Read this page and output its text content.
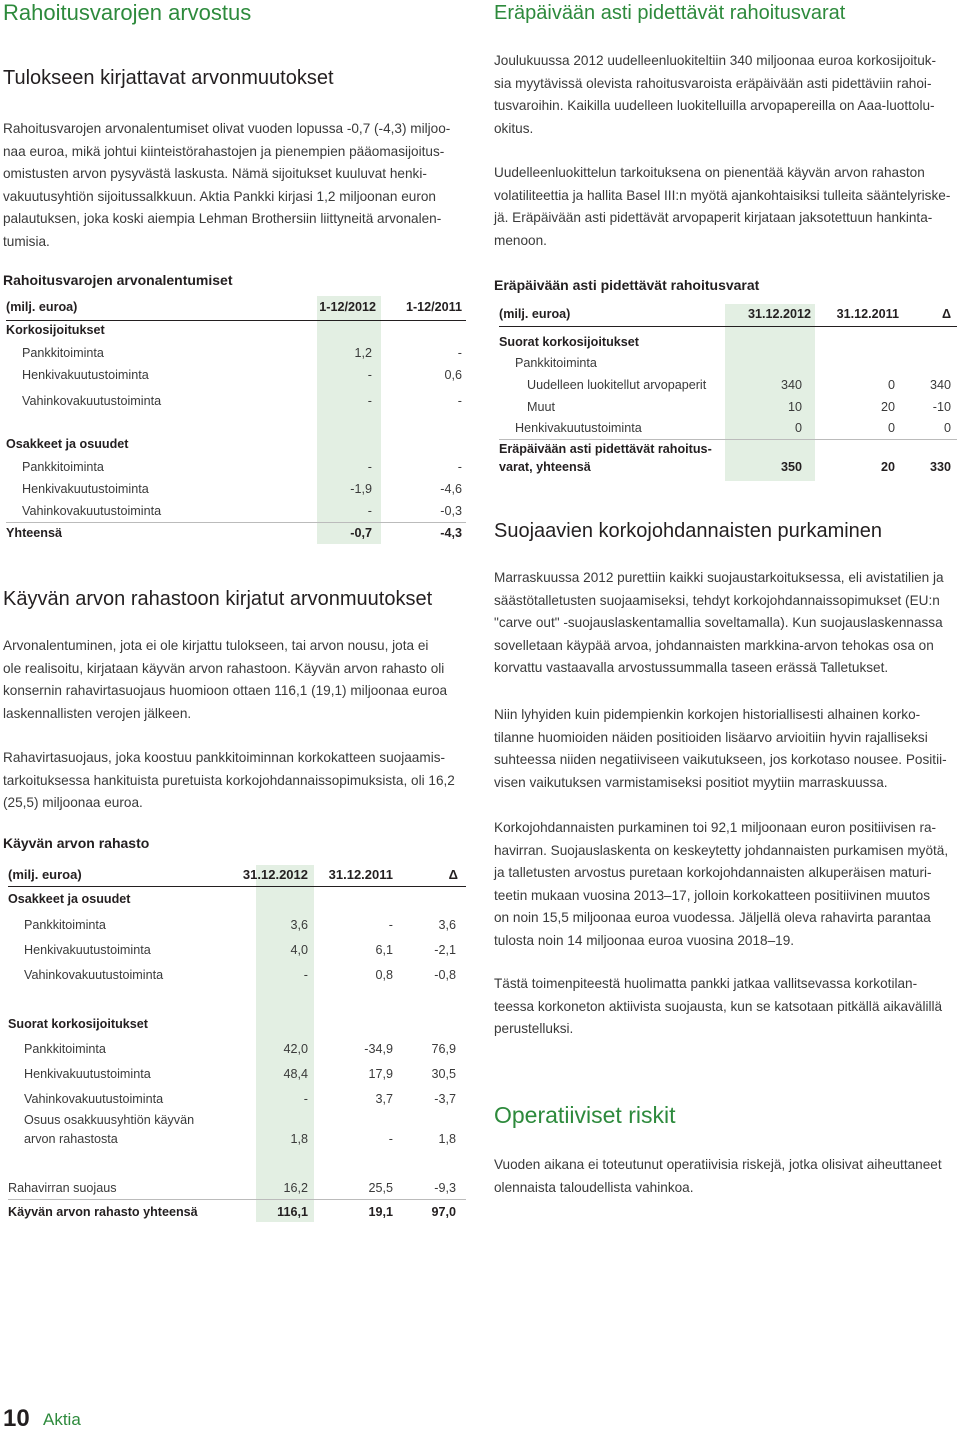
Rahoitusvarojen arvostus
Tulokseen kirjattavat arvonmuutokset
Rahoitusvarojen arvonalentumiset olivat vuoden lopussa -0,7 (-4,3) miljoo-
naa euroa, mikä johtui kiinteistörahastojen ja pienempien pääomasijoitus-
omistusten arvon pysyvästä laskusta. Nämä sijoitukset kuuluvat henki-
vakuutusyhtiön sijoitussalkkuun. Aktia Pankki kirjasi 1,2 miljoonan euron
palautuksen, joka koski aiempia Lehman Brothersiin liittyneitä arvonalen-
tumisia.
Rahoitusvarojen arvonalentumiset
(milj. euroa)	1-12/2012	1-12/2011
Korkosijoitukset
Pankkitoiminta	1,2	-
Henkivakuutustoiminta	-	0,6
Vahinkovakuutustoiminta	-	-
Osakkeet ja osuudet
Pankkitoiminta	-	-
Henkivakuutustoiminta	-1,9	-4,6
Vahinkovakuutustoiminta	-	-0,3
Yhteensä	-0,7	-4,3
Käyvän arvon rahastoon kirjatut arvonmuutokset
Arvonalentuminen, jota ei ole kirjattu tulokseen, tai arvon nousu, jota ei
ole realisoitu, kirjataan käyvän arvon rahastoon. Käyvän arvon rahasto oli
konsernin rahavirtasuojaus huomioon ottaen 116,1 (19,1) miljoonaa euroa
laskennallisten verojen jälkeen.
Rahavirtasuojaus, joka koostuu pankkitoiminnan korkokatteen suojaamis-
tarkoituksessa hankituista puretuista korkojohdannaissopimuksista, oli 16,2
(25,5) miljoonaa euroa.
Käyvän arvon rahasto
(milj. euroa)	31.12.2012	31.12.2011	Δ
Osakkeet ja osuudet
Pankkitoiminta	3,6	-	3,6
Henkivakuutustoiminta	4,0	6,1	-2,1
Vahinkovakuutustoiminta	-	0,8	-0,8
Suorat korkosijoitukset
Pankkitoiminta	42,0	-34,9	76,9
Henkivakuutustoiminta	48,4	17,9	30,5
Vahinkovakuutustoiminta	-	3,7	-3,7
Osuus osakkuusyhtiön käyvän
arvon rahastosta	1,8	-	1,8
Rahavirran suojaus	16,2	25,5	-9,3
Käyvän arvon rahasto yhteensä	116,1	19,1	97,0
Eräpäivään asti pidettävät rahoitusvarat
Joulukuussa 2012 uudelleenluokiteltiin 340 miljoonaa euroa korkosijoituk-
sia myytävissä olevista rahoitusvaroista eräpäivään asti pidettäviin rahoi-
tusvaroihin. Kaikilla uudelleen luokitelluilla arvopapereilla on Aaa-luottolu-
okitus.
Uudelleenluokittelun tarkoituksena on pienentää käyvän arvon rahaston
volatiliteettia ja hallita Basel III:n myötä ajankohtaisiksi tulleita sääntelyriske-
jä. Eräpäivään asti pidettävät arvopaperit kirjataan jaksotettuun hankinta-
menoon.
Eräpäivään asti pidettävät rahoitusvarat
(milj. euroa)	31.12.2012	31.12.2011	Δ
Suorat korkosijoitukset
Pankkitoiminta
Uudelleen luokitellut arvopaperit	340	0	340
Muut	10	20	-10
Henkivakuutustoiminta	0	0	0
Eräpäivään asti pidettävät rahoitus-
varat, yhteensä	350	20	330
Suojaavien korkojohdannaisten purkaminen
Marraskuussa 2012 purettiin kaikki suojaustarkoituksessa, eli avistatilien ja
säästötalletusten suojaamiseksi, tehdyt korkojohdannaissopimukset (EU:n
"carve out" -suojauslaskentamallia soveltamalla). Kun suojauslaskennassa
sovelletaan käypää arvoa, johdannaisten markkina-arvon tehokas osa on
korvattu vastaavalla arvostussummalla taseen erässä Talletukset.
Niin lyhyiden kuin pidempienkin korkojen historiallisesti alhainen korko-
tilanne huomioiden näiden positioiden lisäarvo arvioitiin hyvin rajalliseksi
suhteessa niiden negatiiviseen vaikutukseen, jos korkotaso nousee. Positii-
visen vaikutuksen varmistamiseksi positiot myytiin marraskuussa.
Korkojohdannaisten purkaminen toi 92,1 miljoonaan euron positiivisen ra-
havirran. Suojauslaskenta on keskeytetty johdannaisten purkamisen myötä,
ja talletusten arvostus puretaan korkojohdannaisten alkuperäisen maturi-
teetin mukaan vuosina 2013–17, jolloin korkokatteen positiivinen muutos
on noin 15,5 miljoonaa euroa vuodessa. Jäljellä oleva rahavirta parantaa
tulosta noin 14 miljoonaa euroa vuosina 2018–19.
Tästä toimenpiteestä huolimatta pankki jatkaa vallitsevassa korkotilan-
teessa korkoneton aktiivista suojausta, kun se katsotaan pitkällä aikavälillä
perustelluksi.
Operatiiviset riskit
Vuoden aikana ei toteutunut operatiivisia riskejä, jotka olisivat aiheuttaneet
olennaista taloudellista vahinkoa.
10 Aktia
